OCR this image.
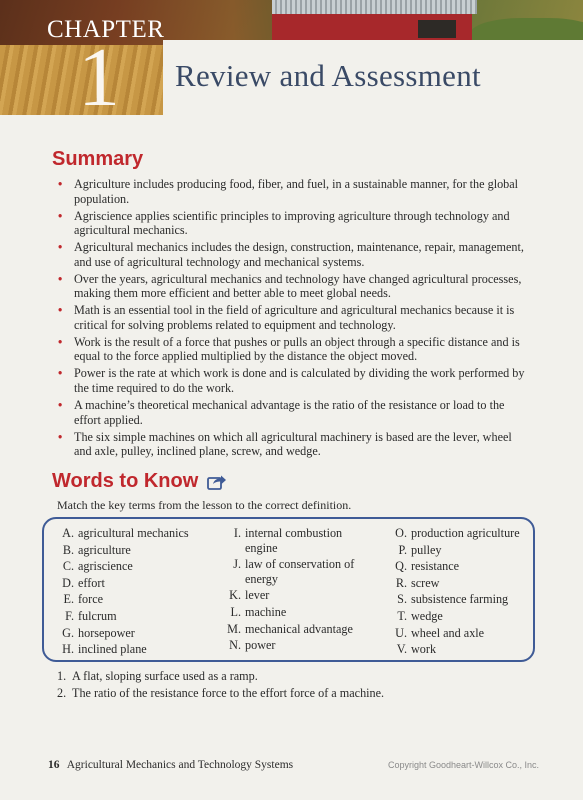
CHAPTER
1 Review and Assessment
Summary
• Agriculture includes producing food, fiber, and fuel, in a sustainable manner, for the global population.
• Agriscience applies scientific principles to improving agriculture through technology and agricultural mechanics.
• Agricultural mechanics includes the design, construction, maintenance, repair, management, and use of agricultural technology and mechanical systems.
• Over the years, agricultural mechanics and technology have changed agricultural processes, making them more efficient and better able to meet global needs.
• Math is an essential tool in the field of agriculture and agricultural mechanics because it is critical for solving problems related to equipment and technology.
• Work is the result of a force that pushes or pulls an object through a specific distance and is equal to the force applied multiplied by the distance the object moved.
• Power is the rate at which work is done and is calculated by dividing the work performed by the time required to do the work.
• A machine’s theoretical mechanical advantage is the ratio of the resistance or load to the effort applied.
• The six simple machines on which all agricultural machinery is based are the lever, wheel and axle, pulley, inclined plane, screw, and wedge.
Words to Know
Match the key terms from the lesson to the correct definition.
A. agricultural mechanics
B. agriculture
C. agriscience
D. effort
E. force
F. fulcrum
G. horsepower
H. inclined plane
I. internal combustion engine
J. law of conservation of energy
K. lever
L. machine
M. mechanical advantage
N. power
O. production agriculture
P. pulley
Q. resistance
R. screw
S. subsistence farming
T. wedge
U. wheel and axle
V. work
1. A flat, sloping surface used as a ramp.
2. The ratio of the resistance force to the effort force of a machine.
16 Agricultural Mechanics and Technology Systems	Copyright Goodheart-Willcox Co., Inc.
